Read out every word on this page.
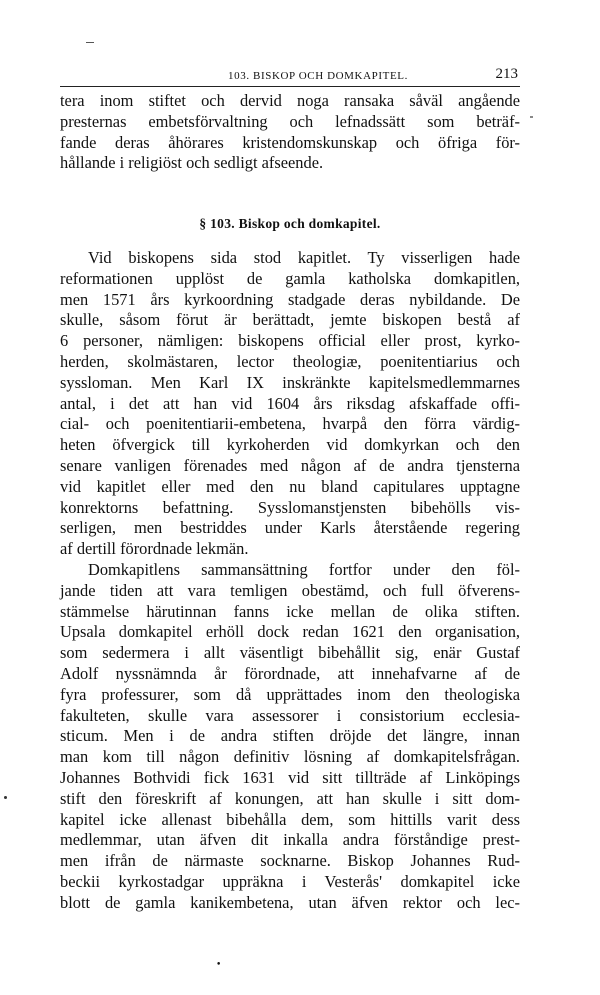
103. BISKOP OCH DOMKAPITEL.	213
tera inom stiftet och dervid noga ransaka såväl angående
presternas embetsförvaltning och lefnadssätt som beträf-
fande deras åhörares kristendomskunskap och öfriga för-
hållande i religiöst och sedligt afseende.
§ 103. Biskop och domkapitel.
Vid biskopens sida stod kapitlet. Ty visserligen hade
reformationen upplöst de gamla katholska domkapitlen,
men 1571 års kyrkoordning stadgade deras nybildande. De
skulle, såsom förut är berättadt, jemte biskopen bestå af
6 personer, nämligen: biskopens official eller prost, kyrko-
herden, skolmästaren, lector theologiæ, poenitentiarius och
syssloman. Men Karl IX inskränkte kapitelsmedlemmarnes
antal, i det att han vid 1604 års riksdag afskaffade offi-
cial- och poenitentiarii-embetena, hvarpå den förra värdig-
heten öfvergick till kyrkoherden vid domkyrkan och den
senare vanligen förenades med någon af de andra tjensterna
vid kapitlet eller med den nu bland capitulares upptagne
konrektorns befattning. Sysslomanstjensten bibehölls vis-
serligen, men bestriddes under Karls återstående regering
af dertill förordnade lekmän.
Domkapitlens sammansättning fortfor under den föl-
jande tiden att vara temligen obestämd, och full öfverens-
stämmelse härutinnan fanns icke mellan de olika stiften.
Upsala domkapitel erhöll dock redan 1621 den organisation,
som sedermera i allt väsentligt bibehållit sig, enär Gustaf
Adolf nyssnämnda år förordnade, att innehafvarne af de
fyra professurer, som då upprättades inom den theologiska
fakulteten, skulle vara assessorer i consistorium ecclesia-
sticum. Men i de andra stiften dröjde det längre, innan
man kom till någon definitiv lösning af domkapitelsfrågan.
Johannes Bothvidi fick 1631 vid sitt tillträde af Linköpings
stift den föreskrift af konungen, att han skulle i sitt dom-
kapitel icke allenast bibehålla dem, som hittills varit dess
medlemmar, utan äfven dit inkalla andra förståndige prest-
men ifrån de närmaste socknarne. Biskop Johannes Rud-
beckii kyrkostadgar uppräkna i Vesterås' domkapitel icke
blott de gamla kanikembetena, utan äfven rektor och lec-
•
